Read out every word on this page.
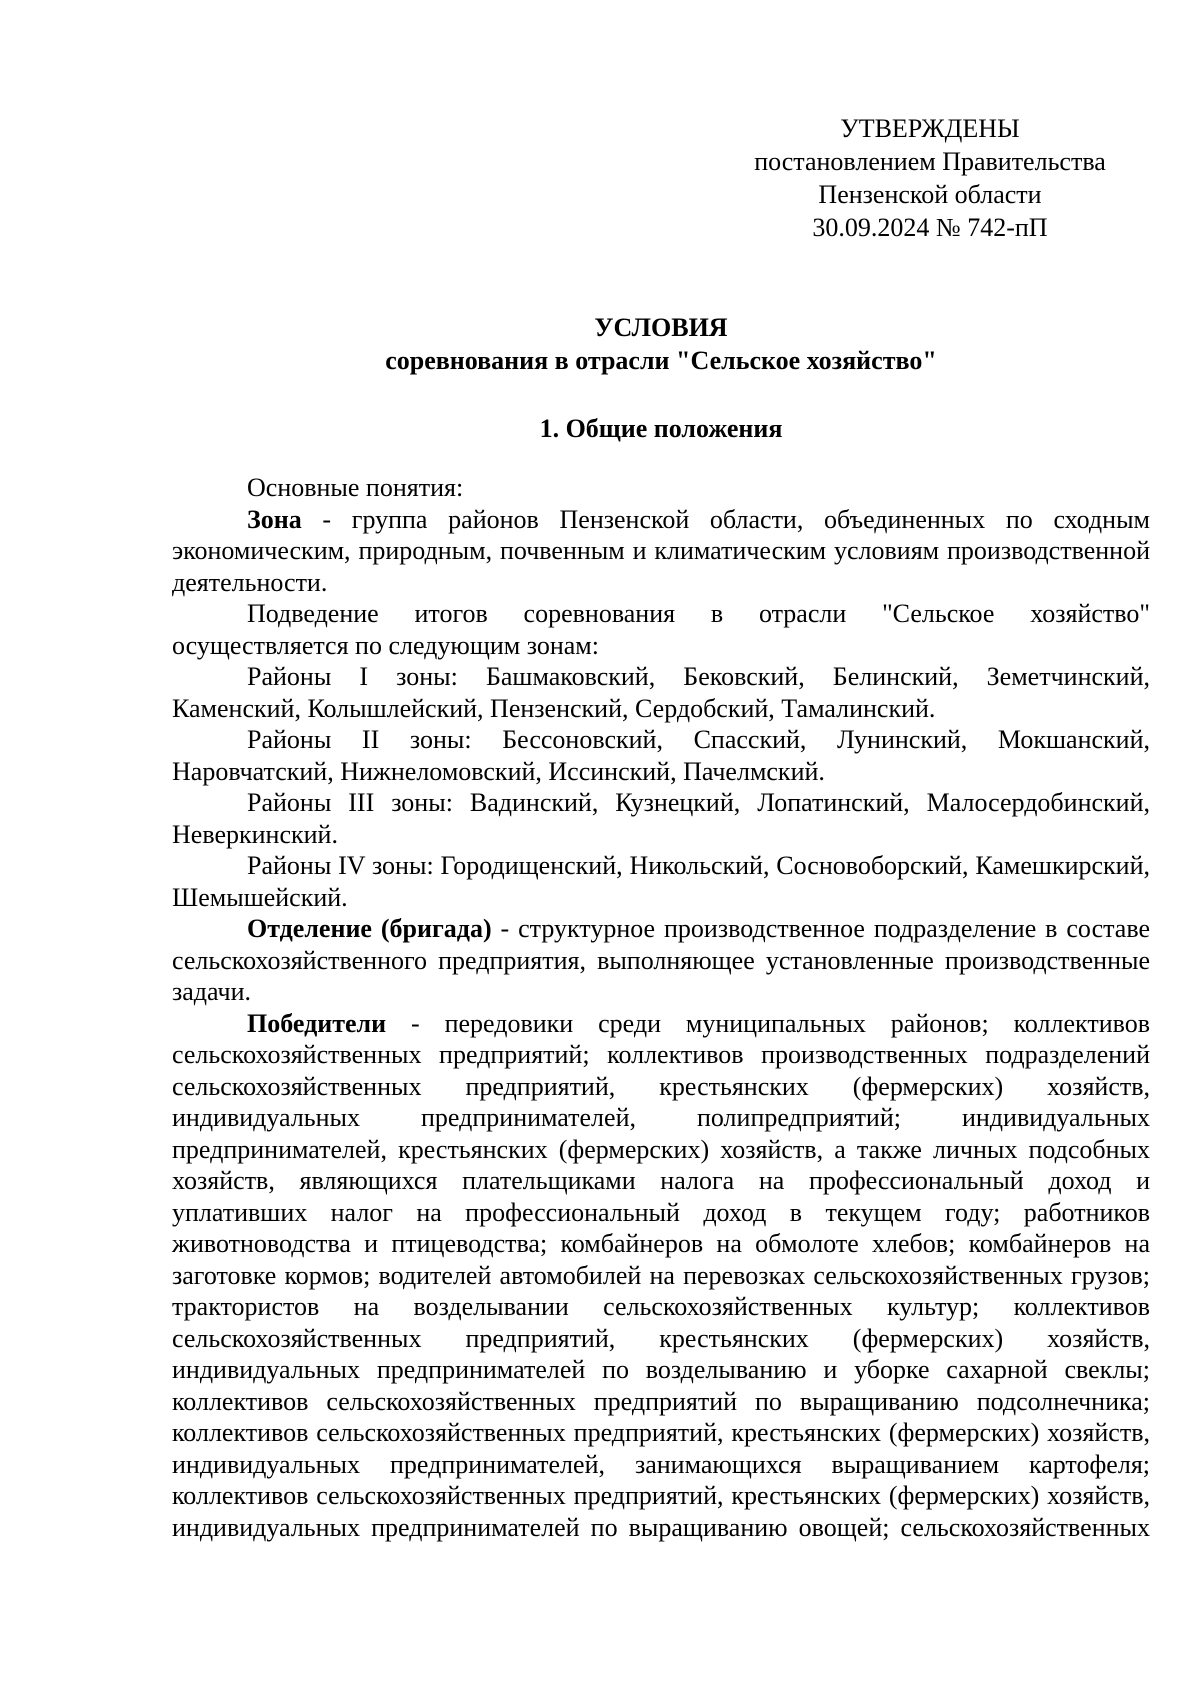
УТВЕРЖДЕНЫ
постановлением Правительства
Пензенской области
30.09.2024 № 742-пП
УСЛОВИЯ
соревнования в отрасли "Сельское хозяйство"
1. Общие положения

Основные понятия:

Зона - группа районов Пензенской области, объединенных по сходным экономическим, природным, почвенным и климатическим условиям производственной деятельности.

Подведение итогов соревнования в отрасли "Сельское хозяйство" осуществляется по следующим зонам:

Районы I зоны: Башмаковский, Бековский, Белинский, Земетчинский, Каменский, Колышлейский, Пензенский, Сердобский, Тамалинский.

Районы II зоны: Бессоновский, Спасский, Лунинский, Мокшанский, Наровчатский, Нижнеломовский, Иссинский, Пачелмский.

Районы III зоны: Вадинский, Кузнецкий, Лопатинский, Малосердобинский, Неверкинский.

Районы IV зоны: Городищенский, Никольский, Сосновоборский, Камешкирский, Шемышейский.

Отделение (бригада) - структурное производственное подразделение в составе сельскохозяйственного предприятия, выполняющее установленные производственные задачи.

Победители - передовики среди муниципальных районов; коллективов сельскохозяйственных предприятий; коллективов производственных подразделений сельскохозяйственных предприятий, крестьянских (фермерских) хозяйств, индивидуальных предпринимателей, полипредприятий; индивидуальных предпринимателей, крестьянских (фермерских) хозяйств, а также личных подсобных хозяйств, являющихся плательщиками налога на профессиональный доход и уплативших налог на профессиональный доход в текущем году; работников животноводства и птицеводства; комбайнеров на обмолоте хлебов; комбайнеров на заготовке кормов; водителей автомобилей на перевозках сельскохозяйственных грузов; трактористов на возделывании сельскохозяйственных культур; коллективов сельскохозяйственных предприятий, крестьянских (фермерских) хозяйств, индивидуальных предпринимателей по возделыванию и уборке сахарной свеклы; коллективов сельскохозяйственных предприятий по выращиванию подсолнечника; коллективов сельскохозяйственных предприятий, крестьянских (фермерских) хозяйств, индивидуальных предпринимателей, занимающихся выращиванием картофеля; коллективов сельскохозяйственных предприятий, крестьянских (фермерских) хозяйств, индивидуальных предпринимателей по выращиванию овощей; сельскохозяйственных
